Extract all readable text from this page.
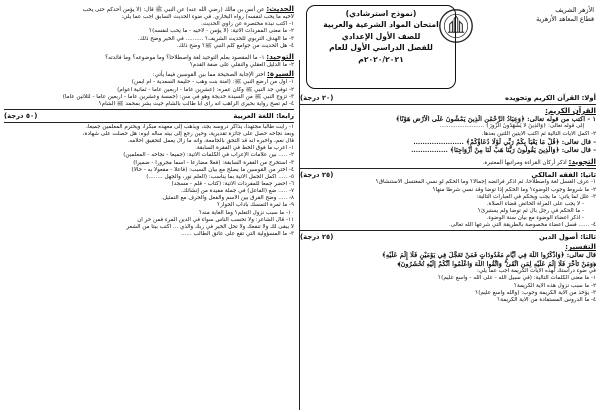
الأزهر الشريف
قطاع المعاهد الأزهرية
(نموذج استرشادي)
امتحان المواد الشرعية والعربية
للصف الأول الإعدادي
للفصل الدراسي الأول للعام ٢٠٢٠/٢٠٢١م
أولا: القرآن الكريم وتجويده
(٢٠ درجة)
القرآن الكريم:
١ - اكتب من قوله تعالى: ﴿وَعِبَادُ الرَّحْمَٰنِ الَّذِينَ يَمْشُونَ عَلَى الْأَرْضِ هَوْنًا﴾
إلى قوله تعالى: ﴿وَالَّذِينَ لَا يَشْهَدُونَ الزُّورَ﴾ .........................
٢- أكمل الآيات التالية ثم اكتب الآيتين اللتين بعدها.
- قال تعالى: ﴿قُلْ مَا يَعْبَأُ بِكُمْ رَبِّي لَوْلَا دُعَاؤُكُمْ﴾ ......................
- قال تعالى: ﴿وَالَّذِينَ يَقُولُونَ رَبَّنَا هَبْ لَنَا مِنْ أَزْوَاجِنَا﴾ ................
التجويد: اذكر أركان القراءة ومراتبها المعتبرة.
ثانيا: الفقه المالكي
(٢٥ درجة)
١- عرف الغسل لغة واصطلاحا، ثم اذكر فرائضه إجمالا؟ وما الحكم لو نسي المغتسل الاستنشاق؟
٢- ما شروط وجوب الوضوء؟ وما الحكم إذا توضأ وقد نسي شرطا منها؟
٣- علل لما يأتي: ما يجب ويحكم في العبارات التالية:
- لا يجب على المرأة الحائض قضاء الصلاة.
- ما الحكم في رجل بال ثم توضأ ولم يستبرئ؟
- اذكر أعضاء الوضوء مع بيان سنة الوضوء.
٤- ...... فسل أعضاء مخصوصة بالطريقة التي شرعها الله تعالى.
ثالثا: أصول الدين
(٢٥ درجة)
التفسير:
قال تعالى: ﴿وَاذْكُرُوا اللَّهَ فِي أَيَّامٍ مَعْدُودَاتٍ فَمَنْ تَعَجَّلَ فِي يَوْمَيْنِ فَلَا إِثْمَ عَلَيْهِ﴾
﴿وَمَنْ تَأَخَّرَ فَلَا إِثْمَ عَلَيْهِ لِمَنِ اتَّقَىٰ ۗ وَاتَّقُوا اللَّهَ وَاعْلَمُوا أَنَّكُمْ إِلَيْهِ تُحْشَرُونَ﴾
في ضوء دراستك لهذه الآيات الكريمة أجب عما يلي:
١- ما معنى الكلمات التالية: (في سبيل الله - على الله - واسع عليم)؟
٢- ما سبب نزول هذه الآية الكريمة؟
٣- يؤخذ من الآية الكريمة وجوب: (والله واسع عليم)؟
٤- ما الدروس المستفادة من الآية الكريمة؟
الحديث: عن أنس بن مالك (رضي الله عنه) عن النبي ﷺ قال: (لا يؤمن أحدكم حتى يحب
لأخيه ما يحب لنفسه) رواه البخاري. في ضوء الحديث السابق أجب عما يلي:
١- اكتب نبذة مختصرة عن راوي الحديث.
٢- ما معنى المفردات الآتية: (لا يؤمن - لأخيه - ما يحب لنفسه)؟
٣- ما الهدف التربوي للحديث الشريف؟ .......... في الخير وضح ذلك.
٤- هل الحديث من جوامع كلم النبي ﷺ؟ وضح ذلك.
التوحيد: ١- ما المقصود بعلم التوحيد لغة واصطلاحا؟ وما موضوعه؟ وما فائدته؟
٢- ما الدليل العقلي والنقلي على صفة القدم؟
السيرة: اختر الإجابة الصحيحة مما بين القوسين فيما يأتي:
١- أول من أرضع النبي ﷺ: (آمنة بنت وهب - حليمة السعدية - أم أيمن)
٢- توفي جد النبي ﷺ وكان عمره: (عشرين عاما - أربعين عاما - ثمانية أعوام)
٣- تزوج النبي ﷺ من السيدة خديجة وهو في سن: (خمسة وعشرين عاما - أربعين عاما - لثلاثين عاما)
٤- لم تصح رواية بحيرى الراهب أنه رأى أبا طالب بالشام حيث بشر بمحمد ﷺ الشام؟
رابعا: اللغة العربية
(٥٠ درجة)
١- رأيت طالبا مجتهدا، يذاكر دروسه بجد، ويذهب إلى معهده مبكرا، ويحترم المعلمين جميعا،
وبعد نجاحه حصل على جائزة تقديرية، وحين رجع إلى بيته سأله أبوه: هل حصلت على شهادة،
قال نعم، وأخبره أنه قد التحق بالجامعة، وأنه ما زال يعمل لتحقيق أحلامه.
١- أعرب ما فوق الخط في الفقرة السابقة.
٢- ..... بين علامات الإعراب في الكلمات الآتية: (جميعا - نجاحه - المعلمين)
٣- استخرج من الفقرة السابقة: (فعلا مضارعا - اسما مجرورا - ضميرا)
٤- اختر من القوسين ما يصلح مع بيان السبب: (فاعلا - مفعولا به - حالا)
٥- ..... أكمل الجمل الآتية بما يناسب: (العلم نور، والجهل ........)
٦- أحضر جمعا للمفردات الآتية: (كتاب - قلم - مسجد)
٧- ..... ضع (الفاعل) في جملة مفيدة من إنشائك.
٨- ..... وضح الفرق بين الاسم والفعل والحرف مع التمثيل.
٩- ما ثمرة التمسك بآداب الحوار؟
١٠- ما سبب نزول التعلم؟ وما الغاية منه؟
١١- قال الشاعر: ولا تحسب الناس سواء في الدين المرء فمن حر أن
لا يبقى لك ولا تنفعك ولا تحل الخير في ربك والذي ... أكتب بيتا من الشعر
٣- ما المسؤولية التي تقع على عاتق الطالب ......
